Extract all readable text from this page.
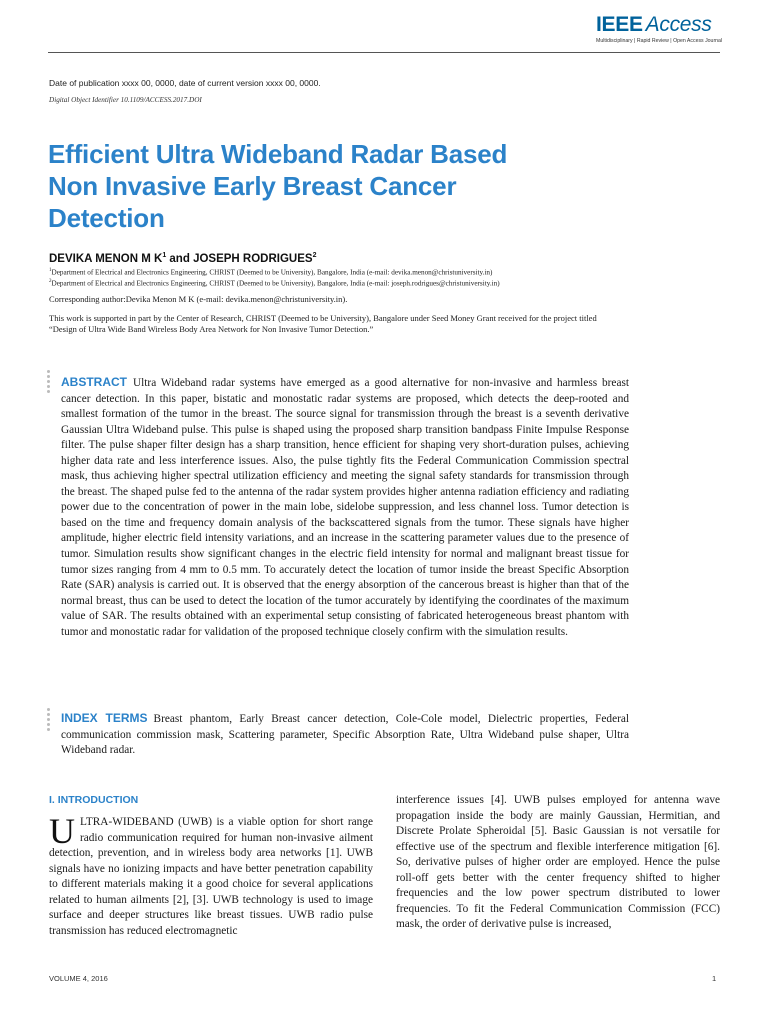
IEEE Access
Multidisciplinary | Rapid Review | Open Access Journal
Date of publication xxxx 00, 0000, date of current version xxxx 00, 0000.
Digital Object Identifier 10.1109/ACCESS.2017.DOI
Efficient Ultra Wideband Radar Based
Non Invasive Early Breast Cancer
Detection
DEVIKA MENON M $K^1$ and JOSEPH RODRIGUES$^2$
$^1$Department of Electrical and Electronics Engineering, CHRIST (Deemed to be University), Bangalore, India (e-mail: devika.menon@christuniversity.in)
$^2$Department of Electrical and Electronics Engineering, CHRIST (Deemed to be University), Bangalore, India (e-mail: joseph.rodrigues@christuniversity.in)
Corresponding author:Devika Menon M K (e-mail: devika.menon@christuniversity.in).
This work is supported in part by the Center of Research, CHRIST (Deemed to be University), Bangalore under Seed Money Grant received for the project titled “Design of Ultra Wide Band Wireless Body Area Network for Non Invasive Tumor Detection.”
ABSTRACT Ultra Wideband radar systems have emerged as a good alternative for non-invasive and harmless breast cancer detection. In this paper, bistatic and monostatic radar systems are proposed, which detects the deep-rooted and smallest formation of the tumor in the breast. The source signal for transmission through the breast is a seventh derivative Gaussian Ultra Wideband pulse. This pulse is shaped using the proposed sharp transition bandpass Finite Impulse Response filter. The pulse shaper filter design has a sharp transition, hence efficient for shaping very short-duration pulses, achieving higher data rate and less interference issues. Also, the pulse tightly fits the Federal Communication Commission spectral mask, thus achieving higher spectral utilization efficiency and meeting the signal safety standards for transmission through the breast. The shaped pulse fed to the antenna of the radar system provides higher antenna radiation efficiency and radiating power due to the concentration of power in the main lobe, sidelobe suppression, and less channel loss. Tumor detection is based on the time and frequency domain analysis of the backscattered signals from the tumor. These signals have higher amplitude, higher electric field intensity variations, and an increase in the scattering parameter values due to the presence of tumor. Simulation results show significant changes in the electric field intensity for normal and malignant breast tissue for tumor sizes ranging from 4 mm to 0.5 mm. To accurately detect the location of tumor inside the breast Specific Absorption Rate (SAR) analysis is carried out. It is observed that the energy absorption of the cancerous breast is higher than that of the normal breast, thus can be used to detect the location of the tumor accurately by identifying the coordinates of the maximum value of SAR. The results obtained with an experimental setup consisting of fabricated heterogeneous breast phantom with tumor and monostatic radar for validation of the proposed technique closely confirm with the simulation results.
INDEX TERMS Breast phantom, Early Breast cancer detection, Cole-Cole model, Dielectric properties, Federal communication commission mask, Scattering parameter, Specific Absorption Rate, Ultra Wideband pulse shaper, Ultra Wideband radar.
I. INTRODUCTION
ULTRA-WIDEBAND (UWB) is a viable option for short range radio communication required for human non-invasive ailment detection, prevention, and in wireless body area networks [1]. UWB signals have no ionizing impacts and have better penetration capability to different materials making it a good choice for several applications related to human ailments [2], [3]. UWB technology is used to image surface and deeper structures like breast tissues. UWB radio pulse transmission has reduced electromagnetic
interference issues [4]. UWB pulses employed for antenna wave propagation inside the body are mainly Gaussian, Hermitian, and Discrete Prolate Spheroidal [5]. Basic Gaussian is not versatile for effective use of the spectrum and flexible interference mitigation [6]. So, derivative pulses of higher order are employed. Hence the pulse roll-off gets better with the center frequency shifted to higher frequencies and the low power spectrum distributed to lower frequencies. To fit the Federal Communication Commission (FCC) mask, the order of derivative pulse is increased,
VOLUME 4, 2016	1
